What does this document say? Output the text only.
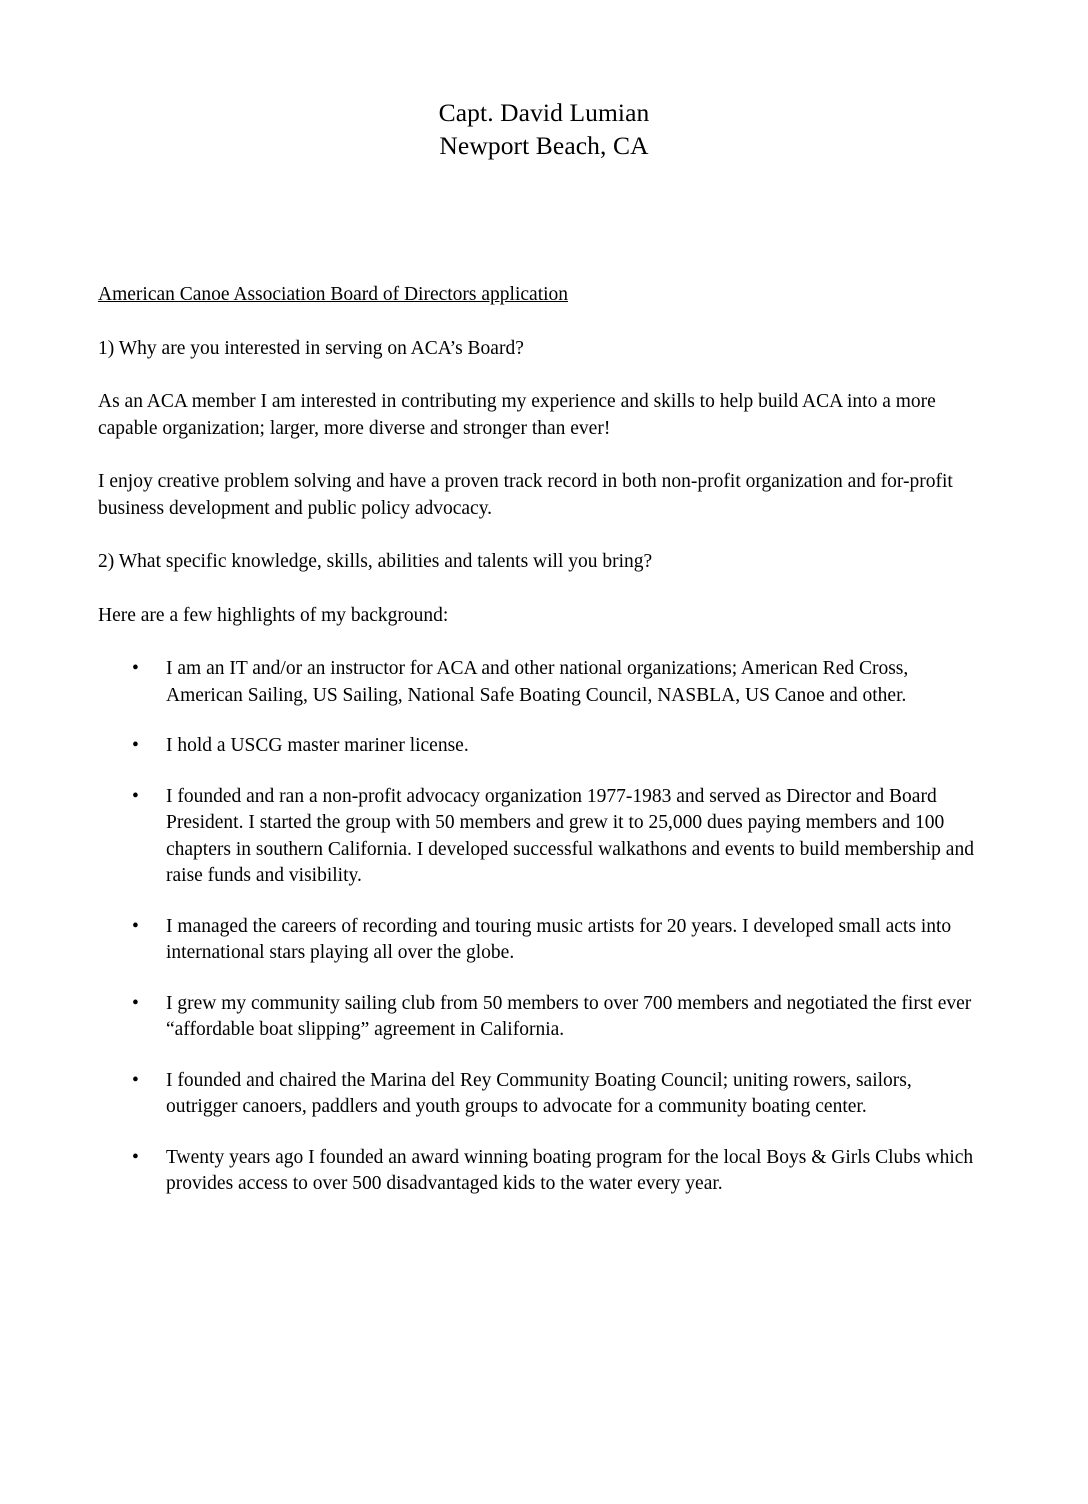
Capt. David Lumian
Newport Beach, CA
American Canoe Association Board of Directors application

1) Why are you interested in serving on ACA’s Board?

As an ACA member I am interested in contributing my experience and skills to help build ACA into a more capable organization; larger, more diverse and stronger than ever!

I enjoy creative problem solving and have a proven track record in both non-profit organization and for-profit business development and public policy advocacy.

2) What specific knowledge, skills, abilities and talents will you bring?

Here are a few highlights of my background:

• I am an IT and/or an instructor for ACA and other national organizations; American Red Cross, American Sailing, US Sailing, National Safe Boating Council, NASBLA, US Canoe and other.
• I hold a USCG master mariner license.
• I founded and ran a non-profit advocacy organization 1977-1983 and served as Director and Board President. I started the group with 50 members and grew it to 25,000 dues paying members and 100 chapters in southern California. I developed successful walkathons and events to build membership and raise funds and visibility.
• I managed the careers of recording and touring music artists for 20 years. I developed small acts into international stars playing all over the globe.
• I grew my community sailing club from 50 members to over 700 members and negotiated the first ever “affordable boat slipping” agreement in California.
• I founded and chaired the Marina del Rey Community Boating Council; uniting rowers, sailors, outrigger canoers, paddlers and youth groups to advocate for a community boating center.
• Twenty years ago I founded an award winning boating program for the local Boys & Girls Clubs which provides access to over 500 disadvantaged kids to the water every year.
